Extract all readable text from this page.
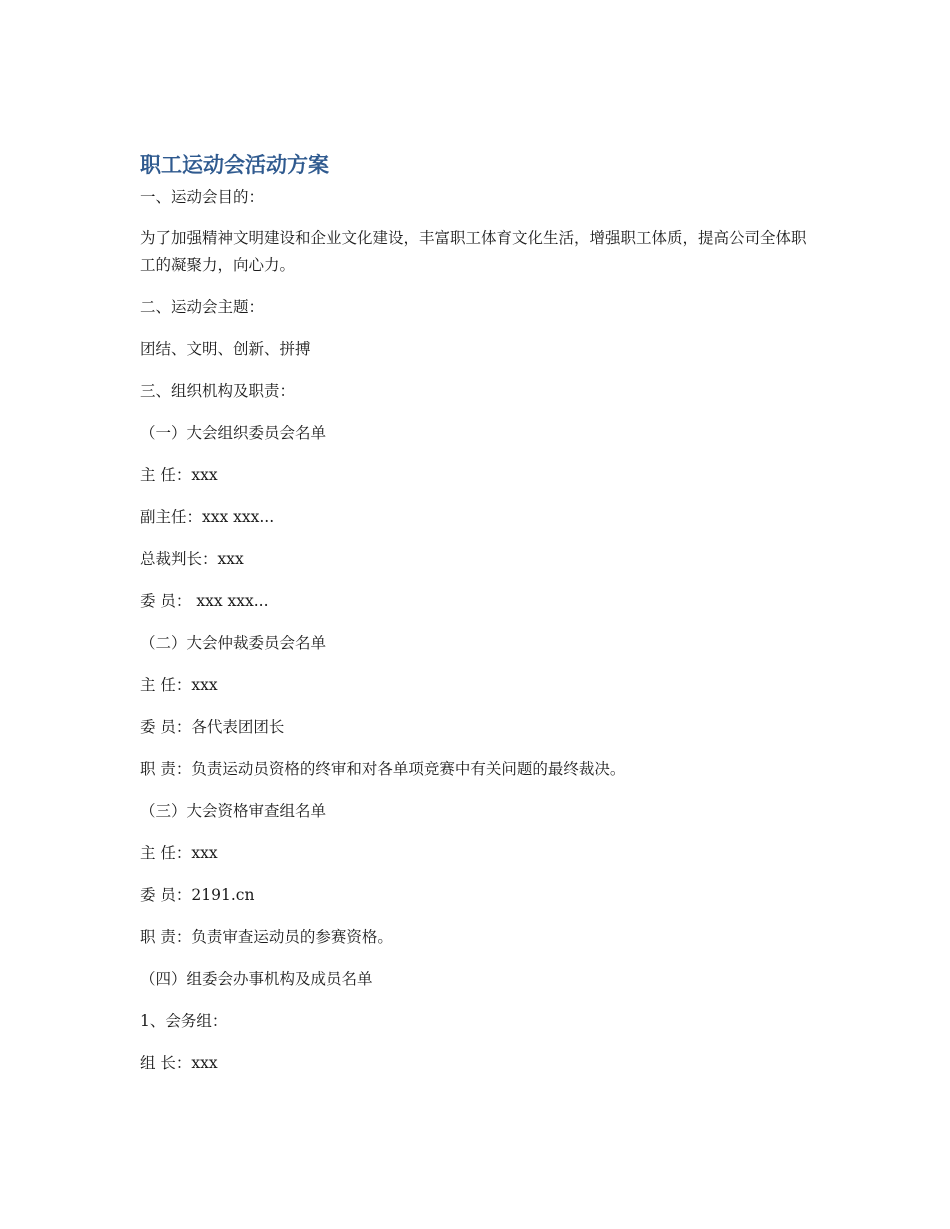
职工运动会活动方案

一、运动会目的：

为了加强精神文明建设和企业文化建设，丰富职工体育文化生活，增强职工体质，提高公司全体职工的凝聚力，向心力。

二、运动会主题：

团结、文明、创新、拼搏

三、组织机构及职责：

（一）大会组织委员会名单

主 任：xxx

副主任：xxx xxx...

总裁判长：xxx

委 员： xxx xxx...

（二）大会仲裁委员会名单

主 任：xxx

委 员：各代表团团长

职 责：负责运动员资格的终审和对各单项竞赛中有关问题的最终裁决。

（三）大会资格审查组名单

主 任：xxx

委 员：2191.cn

职 责：负责审查运动员的参赛资格。

（四）组委会办事机构及成员名单

1、会务组：

组 长：xxx
